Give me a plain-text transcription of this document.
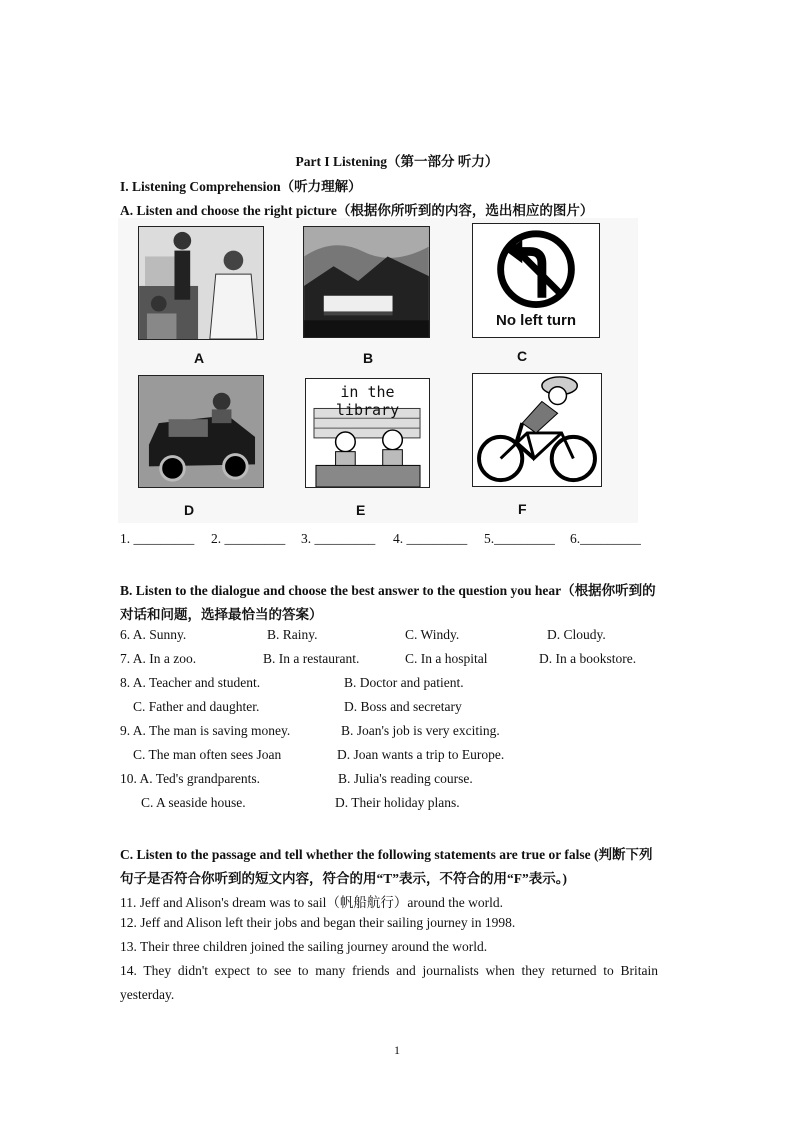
Part I Listening（第一部分 听力）
I. Listening Comprehension（听力理解）
A. Listen and choose the right picture（根据你所听到的内容，选出相应的图片）
A	B
No left turn
C
D
in the library
E	F
1. _________ 2. _________ 3. _________ 4. _________ 5._________ 6._________
B. Listen to the dialogue and choose the best answer to the question you hear（根据你听到的
对话和问题，选择最恰当的答案）
6. A. Sunny.	B. Rainy.	C. Windy.	D. Cloudy.
7. A. In a zoo.	B. In a restaurant.	C. In a hospital	D. In a bookstore.
8. A. Teacher and student.	B. Doctor and patient.
C. Father and daughter.	D. Boss and secretary
9. A. The man is saving money.	B. Joan's job is very exciting.
C. The man often sees Joan	D. Joan wants a trip to Europe.
10. A. Ted's grandparents.	B. Julia's reading course.
C. A seaside house.	D. Their holiday plans.
C. Listen to the passage and tell whether the following statements are true or false (判断下列
句子是否符合你听到的短文内容，符合的用“T”表示，不符合的用“F”表示。)
11. Jeff and Alison's dream was to sail（帆船航行）around the world.
12. Jeff and Alison left their jobs and began their sailing journey in 1998.
13. Their three children joined the sailing journey around the world.
14.  They  didn't  expect  to  see  to  many  friends  and  journalists  when  they  returned  to  Britain
yesterday.
1
